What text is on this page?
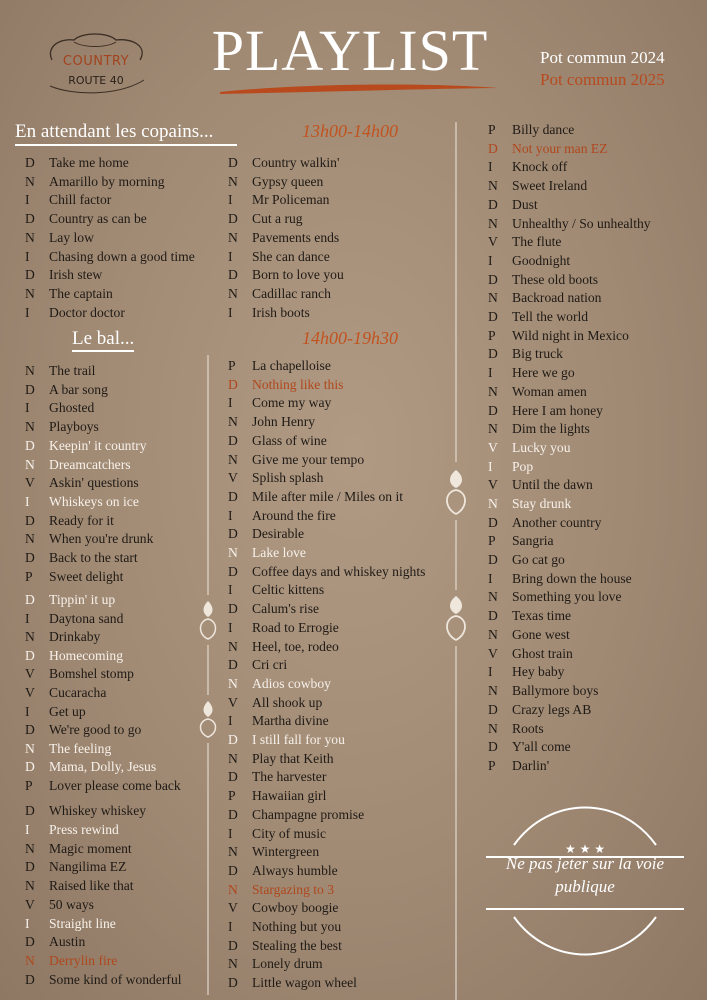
COUNTRY
ROUTE 40	PLAYLIST	Pot commun 2024
Pot commun 2025
En attendant les copains...	13h00-14h00
Le bal...	14h00-19h30
D Take me home
N Amarillo by morning
I Chill factor
D Country as can be
N Lay low
I Chasing down a good time
D Irish stew
N The captain
I Doctor doctor
N The trail
D A bar song
I Ghosted
N Playboys
D Keepin' it country
N Dreamcatchers
V Askin' questions
I Whiskeys on ice
D Ready for it
N When you're drunk
D Back to the start
P Sweet delight
D Tippin' it up
I Daytona sand
N Drinkaby
D Homecoming
V Bomshel stomp
V Cucaracha
I Get up
D We're good to go
N The feeling
D Mama, Dolly, Jesus
P Lover please come back
D Whiskey whiskey
I Press rewind
N Magic moment
D Nangilima EZ
N Raised like that
V 50 ways
I Straight line
D Austin
N Derrylin fire
D Some kind of wonderful
D Country walkin'
N Gypsy queen
I Mr Policeman
D Cut a rug
N Pavements ends
I She can dance
D Born to love you
N Cadillac ranch
I Irish boots
P La chapelloise
D Nothing like this
I Come my way
N John Henry
D Glass of wine
N Give me your tempo
V Splish splash
D Mile after mile / Miles on it
I Around the fire
D Desirable
N Lake love
D Coffee days and whiskey nights
I Celtic kittens
D Calum's rise
I Road to Errogie
N Heel, toe, rodeo
D Cri cri
N Adios cowboy
V All shook up
I Martha divine
D I still fall for you
N Play that Keith
D The harvester
P Hawaiian girl
D Champagne promise
I City of music
N Wintergreen
D Always humble
N Stargazing to 3
V Cowboy boogie
I Nothing but you
D Stealing the best
N Lonely drum
D Little wagon wheel
P Billy dance
D Not your man EZ
I Knock off
N Sweet Ireland
D Dust
N Unhealthy / So unhealthy
V The flute
I Goodnight
D These old boots
N Backroad nation
D Tell the world
P Wild night in Mexico
D Big truck
I Here we go
N Woman amen
D Here I am honey
N Dim the lights
V Lucky you
I Pop
V Until the dawn
N Stay drunk
D Another country
P Sangria
D Go cat go
I Bring down the house
N Something you love
D Texas time
N Gone west
V Ghost train
I Hey baby
N Ballymore boys
D Crazy legs AB
N Roots
D Y'all come
P Darlin'
★ ★ ★
Ne pas jeter sur la voie publique
